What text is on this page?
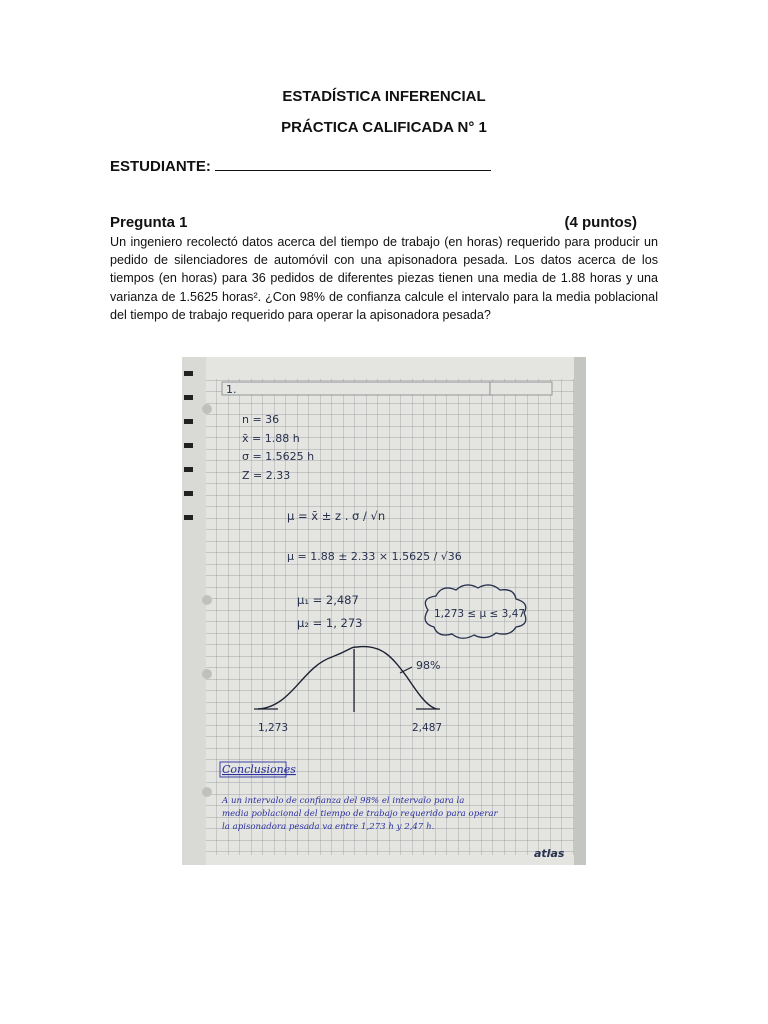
ESTADÍSTICA INFERENCIAL
PRÁCTICA CALIFICADA N° 1
ESTUDIANTE:
Pregunta 1	(4 puntos)
Un ingeniero recolectó datos acerca del tiempo de trabajo (en horas) requerido para producir un pedido de silenciadores de automóvil con una apisonadora pesada. Los datos acerca de los tiempos (en horas) para 36 pedidos de diferentes piezas tienen una media de 1.88 horas y una varianza de 1.5625 horas². ¿Con 98% de confianza calcule el intervalo para la media poblacional del tiempo de trabajo requerido para operar la apisonadora pesada?
1.
n = 36
x̄ = 1.88 h
σ = 1.5625 h
Z = 2.33
μ = x̄ ± z . σ / √n
μ = 1.88 ± 2.33 × 1.5625 / √36
μ₁ = 2,487
μ₂ = 1, 273
1,273 ≤ μ ≤ 3,47
98%
1,273	2,487
Conclusiones
A un intervalo de confianza del 98% el intervalo para la
media poblacional del tiempo de trabajo requerido para operar
la apisonadora pesada va entre 1,273 h y 2,47 h.
atlas
